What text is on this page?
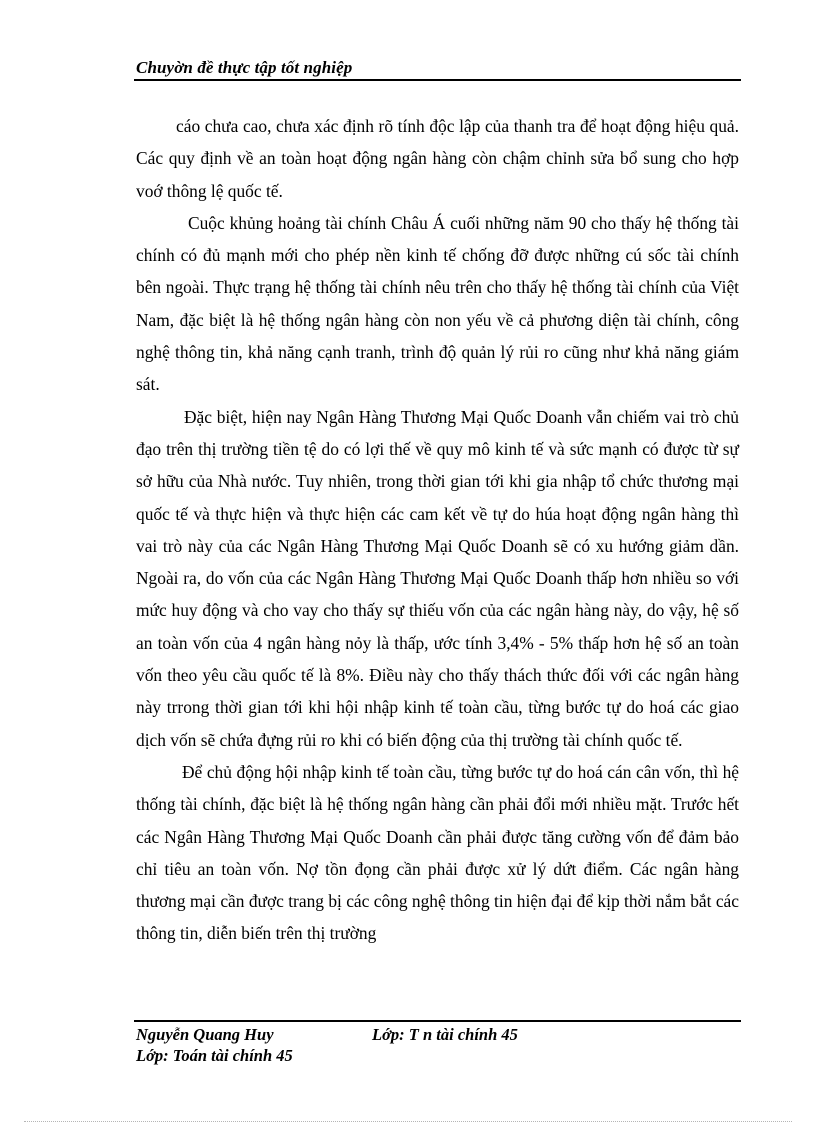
Chuyờn đề thực tập tốt nghiệp

cáo chưa cao, chưa xác định rõ tính độc lập của thanh tra để hoạt động hiệu quả. Các quy định về an toàn hoạt động ngân hàng còn chậm chỉnh sửa bổ sung cho hợp voớ thông lệ quốc tế.

Cuộc khủng hoảng tài chính Châu Á cuối những năm 90 cho thấy hệ thống tài chính có đủ mạnh mới cho phép nền kinh tế chống đỡ được những cú sốc tài chính bên ngoài. Thực trạng hệ thống tài chính nêu trên cho thấy hệ thống tài chính của Việt Nam, đặc biệt là hệ thống ngân hàng còn non yếu về cả phương diện tài chính, công nghệ thông tin, khả năng cạnh tranh, trình độ quản lý rủi ro cũng như khả năng giám sát.

Đặc biệt, hiện nay Ngân Hàng Thương Mại Quốc Doanh vẫn chiếm vai trò chủ đạo trên thị trường tiền tệ do có lợi thế về quy mô kinh tế và sức mạnh có được từ sự sở hữu của Nhà nước. Tuy nhiên, trong thời gian tới khi gia nhập tổ chức thương mại quốc tế và thực hiện và thực hiện các cam kết về tự do húa hoạt động ngân hàng thì vai trò này của các Ngân Hàng Thương Mại Quốc Doanh sẽ có xu hướng giảm dần. Ngoài ra, do vốn của các Ngân Hàng Thương Mại Quốc Doanh thấp hơn nhiều so với mức huy động và cho vay cho thấy sự thiếu vốn của các ngân hàng này, do vậy, hệ số an toàn vốn của 4 ngân hàng nỏy là thấp, ước tính 3,4% - 5% thấp hơn hệ số an toàn vốn theo yêu cầu quốc tế là 8%. Điều này cho thấy thách thức đối với các ngân hàng này trrong thời gian tới khi hội nhập kinh tế toàn cầu, từng bước tự do hoá các giao dịch vốn sẽ chứa đựng rủi ro khi có biến động của thị trường tài chính quốc tế.

Để chủ động hội nhập kinh tế toàn cầu, từng bước tự do hoá cán cân vốn, thì hệ thống tài chính, đặc biệt là hệ thống ngân hàng cần phải đổi mới nhiều mặt. Trước hết các Ngân Hàng Thương Mại Quốc Doanh cần phải được tăng cường vốn để đảm bảo chỉ tiêu an toàn vốn. Nợ tồn đọng cần phải được xử lý dứt điểm. Các ngân hàng thương mại cần được trang bị các công nghệ thông tin hiện đại để kịp thời nắm bắt các thông tin, diễn biến trên thị trường

Nguyễn Quang Huy	Lớp: T n tài chính 45
Lớp: Toán tài chính 45
